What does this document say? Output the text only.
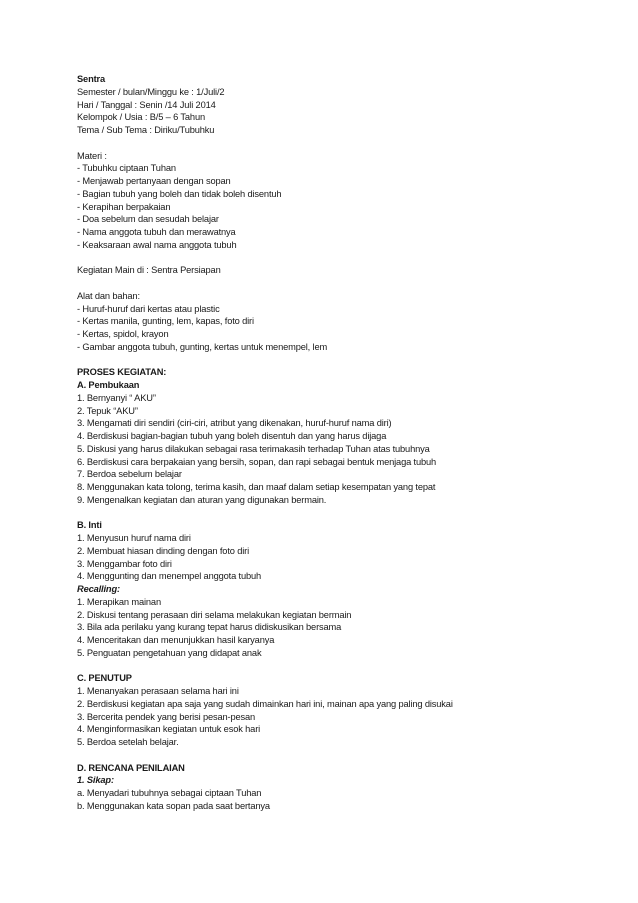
Sentra
Semester / bulan/Minggu ke : 1/Juli/2
Hari / Tanggal : Senin /14 Juli 2014
Kelompok / Usia : B/5 – 6 Tahun
Tema / Sub Tema : Diriku/Tubuhku
Materi :
- Tubuhku ciptaan Tuhan
- Menjawab pertanyaan dengan sopan
- Bagian tubuh yang boleh dan tidak boleh disentuh
- Kerapihan berpakaian
- Doa sebelum dan sesudah belajar
- Nama anggota tubuh dan merawatnya
- Keaksaraan awal nama anggota tubuh
Kegiatan Main di : Sentra Persiapan
Alat dan bahan:
- Huruf-huruf dari kertas atau plastic
- Kertas manila, gunting, lem, kapas, foto diri
- Kertas, spidol, krayon
- Gambar anggota tubuh, gunting, kertas untuk menempel, lem
PROSES KEGIATAN:
A. Pembukaan
1. Bernyanyi “ AKU”
2. Tepuk “AKU”
3. Mengamati diri sendiri (ciri-ciri, atribut yang dikenakan, huruf-huruf nama diri)
4. Berdiskusi bagian-bagian tubuh yang boleh disentuh dan yang harus dijaga
5. Diskusi yang harus dilakukan sebagai rasa terimakasih terhadap Tuhan atas tubuhnya
6. Berdiskusi cara berpakaian yang bersih, sopan, dan rapi sebagai bentuk menjaga tubuh
7. Berdoa sebelum belajar
8. Menggunakan kata tolong, terima kasih, dan maaf dalam setiap kesempatan yang tepat
9. Mengenalkan kegiatan dan aturan yang digunakan bermain.
B. Inti
1. Menyusun huruf nama diri
2. Membuat hiasan dinding dengan foto diri
3. Menggambar foto diri
4. Menggunting dan menempel anggota tubuh
Recalling:
1. Merapikan mainan
2. Diskusi tentang perasaan diri selama melakukan kegiatan bermain
3. Bila ada perilaku yang kurang tepat harus didiskusikan bersama
4. Menceritakan dan menunjukkan hasil karyanya
5. Penguatan pengetahuan yang didapat anak
C. PENUTUP
1. Menanyakan perasaan selama hari ini
2. Berdiskusi kegiatan apa saja yang sudah dimainkan hari ini, mainan apa yang paling disukai
3. Bercerita pendek yang berisi pesan-pesan
4. Menginformasikan kegiatan untuk esok hari
5. Berdoa setelah belajar.
D. RENCANA PENILAIAN
1. Sikap:
a. Menyadari tubuhnya sebagai ciptaan Tuhan
b. Menggunakan kata sopan pada saat bertanya
